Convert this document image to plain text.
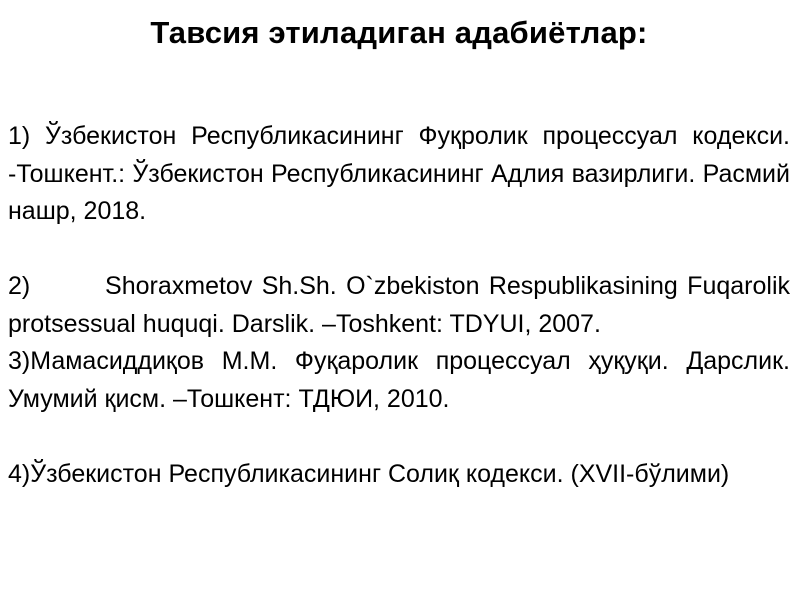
Тавсия этиладиган адабиётлар:

1) Ўзбекистон Республикасининг Фуқролик процессуал кодекси. -Тошкент.: Ўзбекистон Республикасининг Адлия вазирлиги. Расмий нашр, 2018.

2)        Shoraxmetov Sh.Sh. O`zbekiston Respublikasining Fuqarolik protsessual huquqi. Darslik. –Toshkent: TDYUI, 2007.

3)Мамасиддиқов М.М. Фуқаролик процессуал ҳуқуқи. Дарслик. Умумий қисм. –Тошкент: ТДЮИ, 2010.

4)Ўзбекистон Республикасининг Солиқ кодекси. (XVII-бўлими)
